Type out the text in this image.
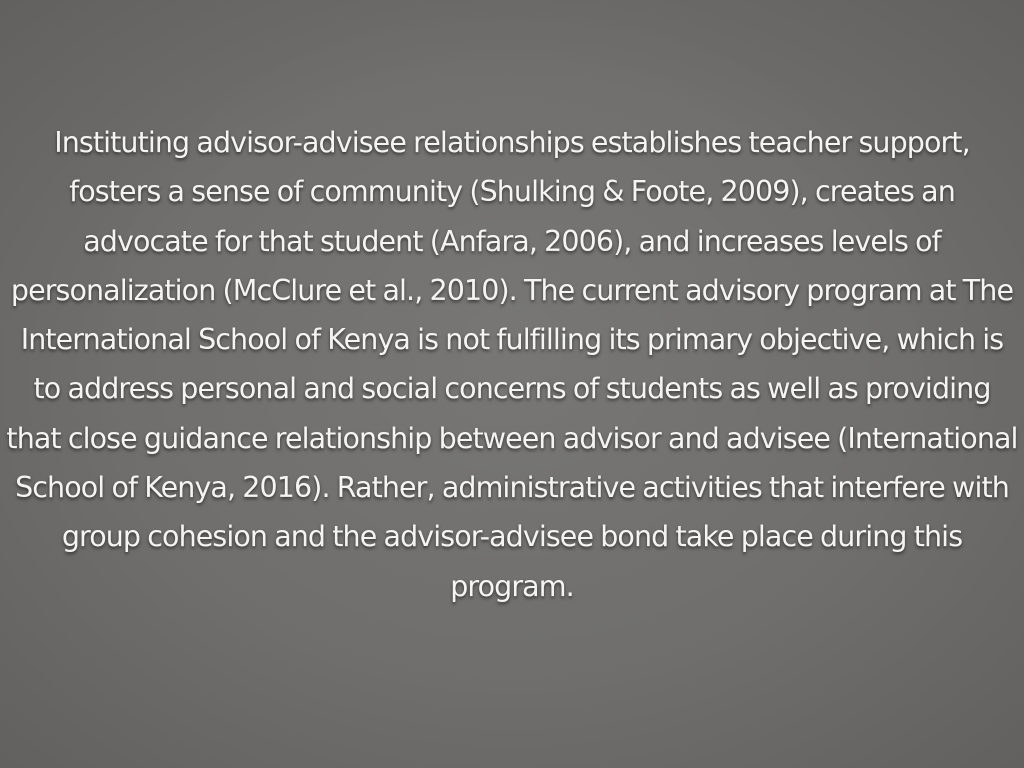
Instituting advisor-advisee relationships establishes teacher support, fosters a sense of community (Shulking & Foote, 2009), creates an advocate for that student (Anfara, 2006), and increases levels of personalization (McClure et al., 2010). The current advisory program at The International School of Kenya is not fulfilling its primary objective, which is to address personal and social concerns of students as well as providing that close guidance relationship between advisor and advisee (International School of Kenya, 2016). Rather, administrative activities that interfere with group cohesion and the advisor-advisee bond take place during this program.
